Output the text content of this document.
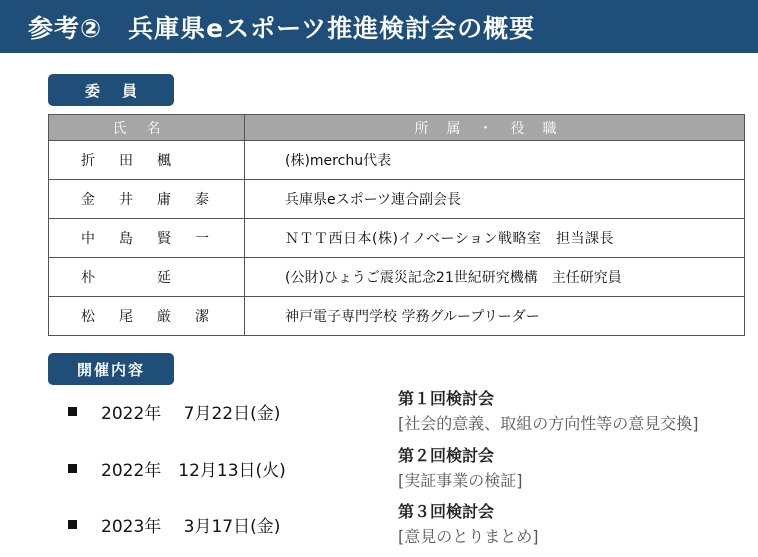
参考②　兵庫県eスポーツ推進検討会の概要
委員
氏名	所属・役職
折田楓	(株)merchu代表
金井庸泰	兵庫県eスポーツ連合副会長
中島賢一	ＮＴＴ西日本(株)イノベーション戦略室　担当課長
朴　延	(公財)ひょうご震災記念21世紀研究機構　主任研究員
松尾厳潔	神戸電子専門学校 学務グループリーダー
開催内容
2022年　 7月22日(金)
第１回検討会
[社会的意義、取組の方向性等の意見交換]
2022年　12月13日(火)
第２回検討会
[実証事業の検証]
2023年　 3月17日(金)
第３回検討会
[意見のとりまとめ]
